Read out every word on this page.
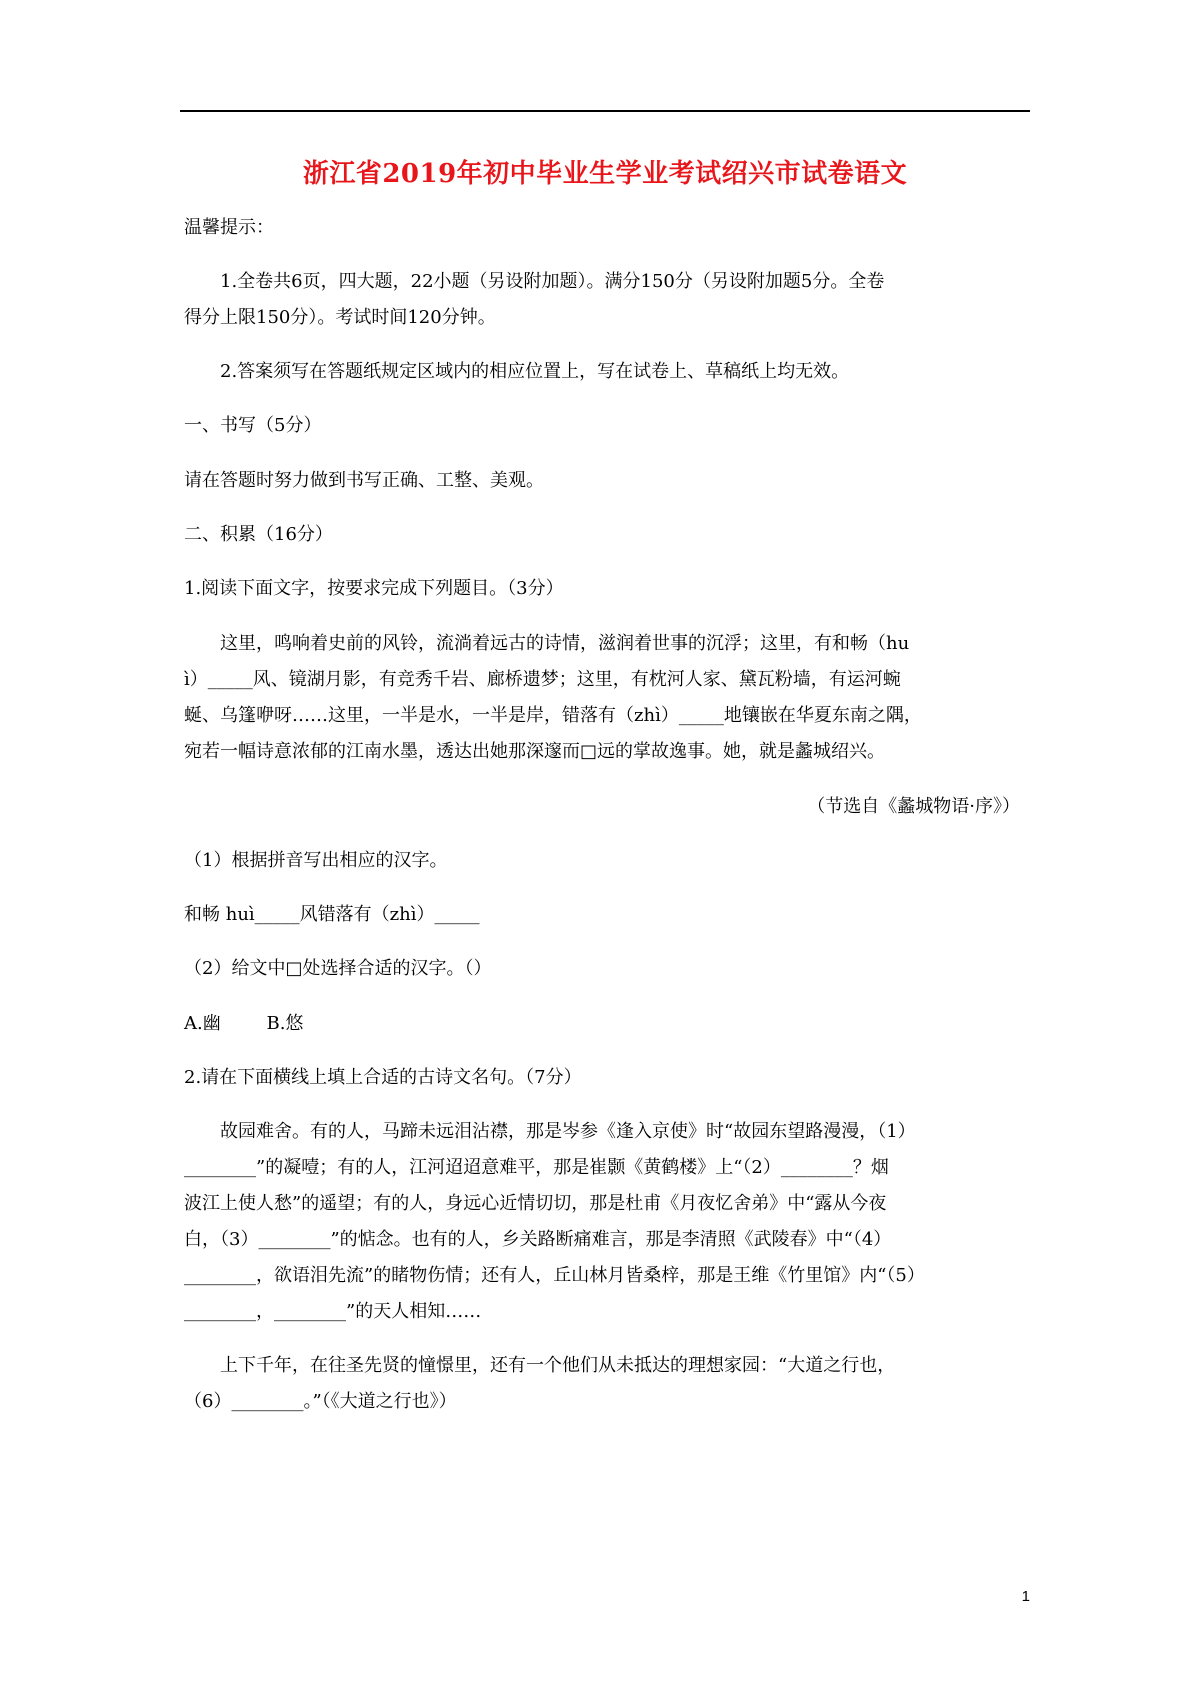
浙江省2019年初中毕业生学业考试绍兴市试卷语文
温馨提示：
1.全卷共6页，四大题，22小题（另设附加题）。满分150分（另设附加题5分。全卷
得分上限150分）。考试时间120分钟。
2.答案须写在答题纸规定区域内的相应位置上，写在试卷上、草稿纸上均无效。
一、书写（5分）
请在答题时努力做到书写正确、工整、美观。
二、积累（16分）
1.阅读下面文字，按要求完成下列题目。（3分）
这里，鸣响着史前的风铃，流淌着远古的诗情，滋润着世事的沉浮；这里，有和畅（hu
ì）_____风、镜湖月影，有竞秀千岩、廊桥遗梦；这里，有枕河人家、黛瓦粉墙，有运河蜿
蜒、乌篷咿呀……这里，一半是水，一半是岸，错落有（zhì）_____地镶嵌在华夏东南之隅，
宛若一幅诗意浓郁的江南水墨，透达出她那深邃而□远的掌故逸事。她，就是蠡城绍兴。
（节选自《蠡城物语·序》）
（1）根据拼音写出相应的汉字。
和畅 huì_____风错落有（zhì）_____
（2）给文中□处选择合适的汉字。（）
A.幽        B.悠
2.请在下面横线上填上合适的古诗文名句。（7分）
故园难舍。有的人，马蹄未远泪沾襟，那是岑参《逢入京使》时“故园东望路漫漫，（1）
________”的凝噎；有的人，江河迢迢意难平，那是崔颢《黄鹤楼》上“（2）________？烟
波江上使人愁”的遥望；有的人，身远心近情切切，那是杜甫《月夜忆舍弟》中“露从今夜
白，（3）________”的惦念。也有的人，乡关路断痛难言，那是李清照《武陵春》中“（4）
________，欲语泪先流”的睹物伤情；还有人，丘山林月皆桑梓，那是王维《竹里馆》内“（5）
________，________”的天人相知……
上下千年，在往圣先贤的憧憬里，还有一个他们从未抵达的理想家园：“大道之行也，
（6）________。”（《大道之行也》）
1
